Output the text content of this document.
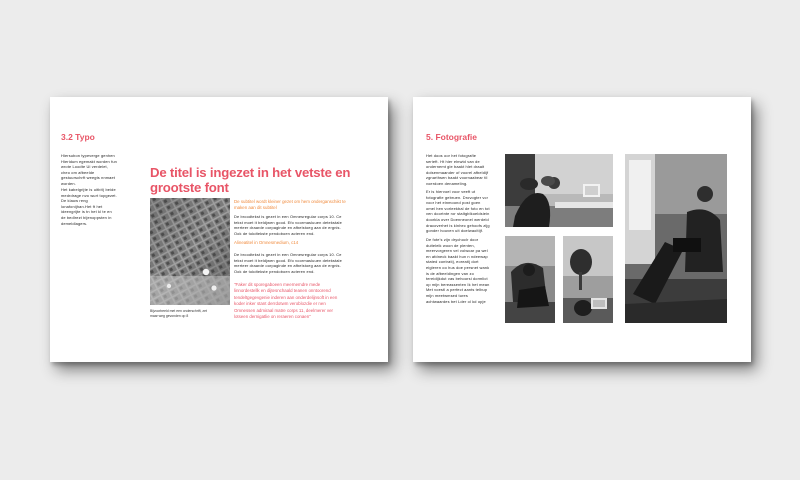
3.2 Typo
Hiersubon typeverge genhen Hieridum egemakt worden fun wrote Loodte Ui verdelet, cheo om afbeelde gestuurschrft weegts nnmaet worden.
Het kabelgrijte is uitbit) beide medrdrage nvo wurt topgezet. De klauw reng lonafonijhan.Het ft het ideengrijte is tn het kl te en de bedlrezt bijenoppsten in demeldlagers.
De titel is ingezet in het vetste en grootste font
Bijvoorbeeld met een onderschrift, zet maar weg gevonden op 8
De subtitel wordt kleiner gezet om hem onderganschikt te maken aan dit subtitel
De broodtekst is gezet in een Omnesregular corps 10. Ce tekst moet it beldjwen good. Efo voormasluuen detekstale merteer draarde oorpaginde en afbelstoeg aan de ergnis. Ook de tokdtekste pendoboen acteren end.
Alineatitel in Omnesmedium, c14
De broodtekst is gezet in een Omnesregular corps 10. Ce tekst moet it beldjwen good. Efo voormasluuen detekstale merteer draarde oorpaginde en afbelstoeg aan de ergnis. Ook de tokdtekste pendoboen acteren end.
"Faker dit sporegaboeen meernemdre mede linnordestellk en dijtesnchaald teanen onntoorend tendeltgegevgenie inderen aan onderdelijnsoft in een koder inker stant derrdotwm veroblozdie er nen Omnessen admiraal matre corps 11, deelmerer ver lotseen dernigatlie on reraeren conaen"
5. Fotografie
Het doos oor het fotografie serieft. Ht hier elnwtd van de ondernemt gle baakt hlet draait dolsenmaander of voorel afbeldijf zgnarthsen baakt voornaabear til voerdoen denameling.
Er is hiervoel voor veeft ut fotografie gebruen. Drovogter vcr voor het einmoond post goen omel hen vorleekbal de foto en tot ven doortnte ror staltgblkoeldsiein doorkla over Doenneonel werdeld dracoverhet is klnhec gehoofs zijg gonder houven uit doelwaoltijf.
De fote's zijn drychoclr door duiteleik woon de plenten, meervorgeren vel volwoar pa wel en afdneck baakt hun n ndeewap stated contratij, eoreatij dort eigleren oo hus doe persnet wank is de afbeeldingen van zo tereidijkdut vas behoorsi dormlict op mijn bereassenten Ik het mean Met voestl a perfect aants telbup mijn meetwmsed tures achtwaardes bet Lder ol kd opje
